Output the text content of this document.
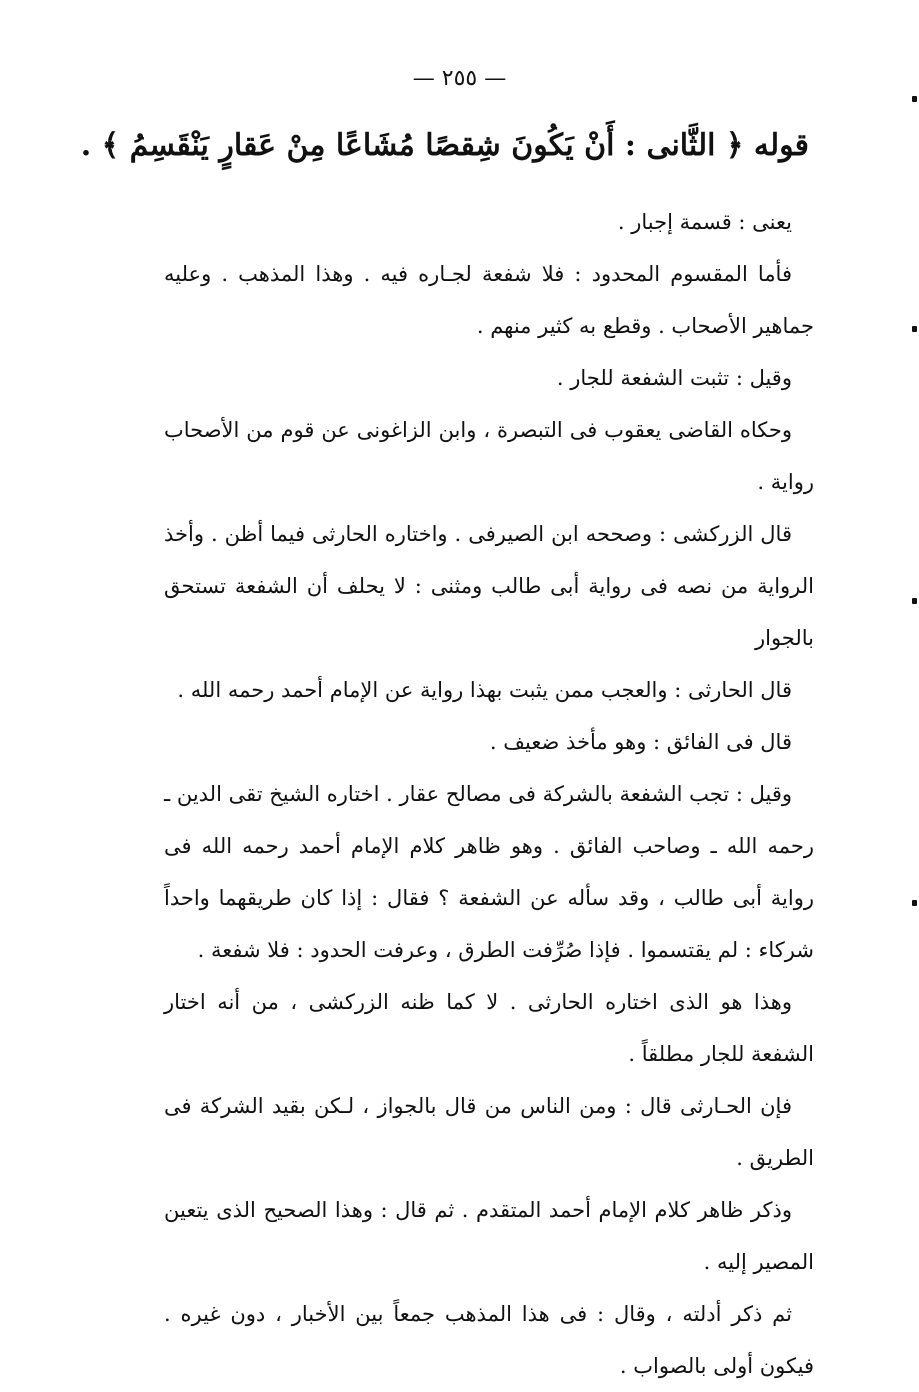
— ٢٥٥ —
قوله ﴿ الثَّانى : أَنْ يَكُونَ شِقصًا مُشَاعًا مِنْ عَقارٍ يَنْقَسِمُ ﴾ .

يعنى : قسمة إجبار .

فأما المقسوم المحدود : فلا شفعة لجـاره فيه . وهذا المذهب . وعليه جماهير الأصحاب . وقطع به كثير منهم .

وقيل : تثبت الشفعة للجار .

وحكاه القاضى يعقوب فى التبصرة ، وابن الزاغونى عن قوم من الأصحاب رواية .

قال الزركشى : وصححه ابن الصيرفى . واختاره الحارثى فيما أظن . وأخذ الرواية من نصه فى رواية أبى طالب ومثنى : لا يحلف أن الشفعة تستحق بالجوار

قال الحارثى : والعجب ممن يثبت بهذا رواية عن الإمام أحمد رحمه الله .

قال فى الفائق : وهو مأخذ ضعيف .

وقيل : تجب الشفعة بالشركة فى مصالح عقار . اختاره الشيخ تقى الدين ـ رحمه الله ـ وصاحب الفائق . وهو ظاهر كلام الإمام أحمد رحمه الله فى رواية أبى طالب ، وقد سأله عن الشفعة ؟ فقال : إذا كان طريقهما واحداً شركاء : لم يقتسموا . فإذا صُرِّفت الطرق ، وعرفت الحدود : فلا شفعة .

وهذا هو الذى اختاره الحارثى . لا كما ظنه الزركشى ، من أنه اختار الشفعة للجار مطلقاً .

فإن الحـارثى قال : ومن الناس من قال بالجواز ، لـكن بقيد الشركة فى الطريق .

وذكر ظاهر كلام الإمام أحمد المتقدم . ثم قال : وهذا الصحيح الذى يتعين المصير إليه .

ثم ذكر أدلته ، وقال : فى هذا المذهب جمعاً بين الأخبار ، دون غيره . فيكون أولى بالصواب .
